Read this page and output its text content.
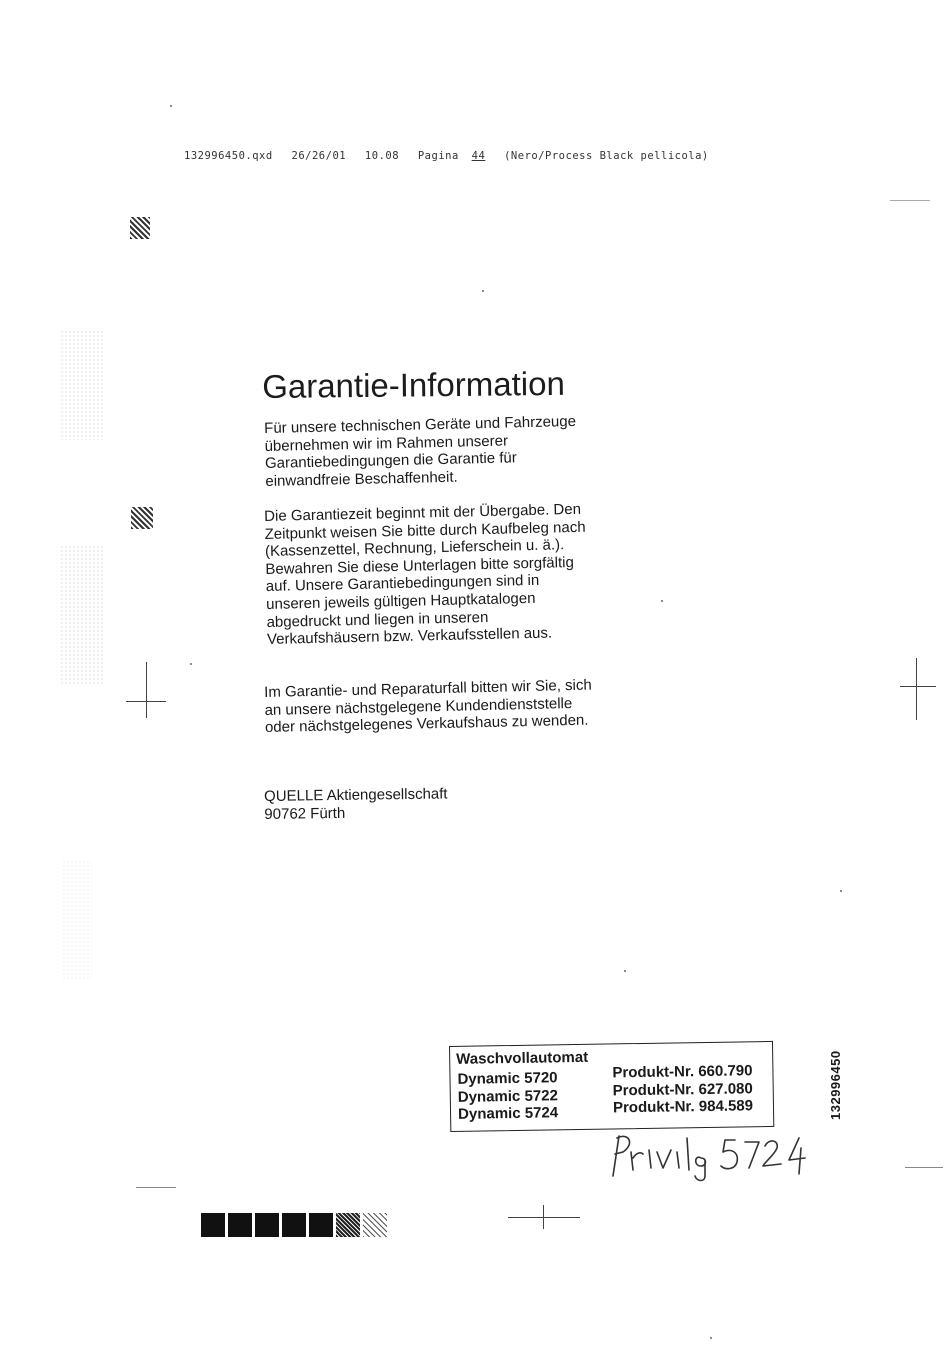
132996450.qxd 26/26/01 10.08 Pagina 44 (Nero/Process Black pellicola)
Garantie-Information

Für unsere technischen Geräte und Fahrzeuge übernehmen wir im Rahmen unserer Garantiebedingungen die Garantie für einwandfreie Beschaffenheit.

Die Garantiezeit beginnt mit der Übergabe. Den Zeitpunkt weisen Sie bitte durch Kaufbeleg nach (Kassenzettel, Rechnung, Lieferschein u. ä.).

Bewahren Sie diese Unterlagen bitte sorgfältig auf. Unsere Garantiebedingungen sind in unseren jeweils gültigen Hauptkatalogen abgedruckt und liegen in unseren Verkaufshäusern bzw. Verkaufsstellen aus.

Im Garantie- und Reparaturfall bitten wir Sie, sich an unsere nächstgelegene Kundendienststelle oder nächstgelegenes Verkaufshaus zu wenden.

QUELLE Aktiengesellschaft

90762 Fürth

Waschvollautomat
Dynamic 5720
Dynamic 5722
Dynamic 5724
Produkt-Nr. 660.790
Produkt-Nr. 627.080
Produkt-Nr. 984.589	132996450
